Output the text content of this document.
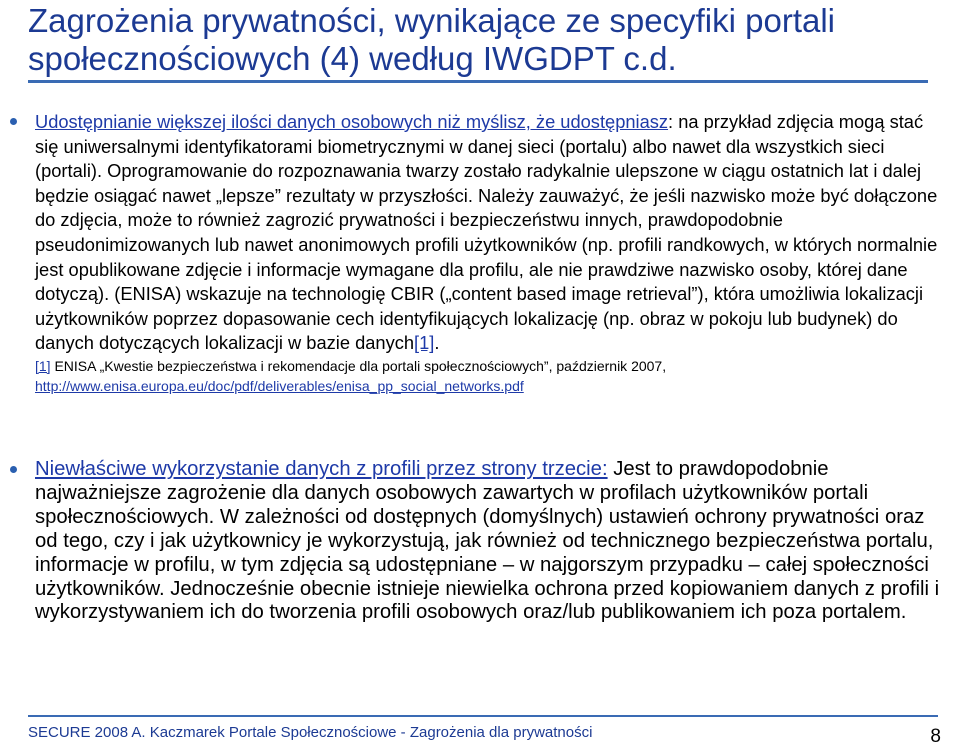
Zagrożenia prywatności, wynikające ze specyfiki portali społecznościowych (4) według IWGDPT c.d.
Udostępnianie większej ilości danych osobowych niż myślisz, że udostępniasz: na przykład zdjęcia mogą stać się uniwersalnymi identyfikatorami biometrycznymi w danej sieci (portalu) albo nawet dla wszystkich sieci (portali). Oprogramowanie do rozpoznawania twarzy zostało radykalnie ulepszone w ciągu ostatnich lat i dalej będzie osiągać nawet „lepsze” rezultaty w przyszłości. Należy zauważyć, że jeśli nazwisko może być dołączone do zdjęcia, może to również zagrozić prywatności i bezpieczeństwu innych, prawdopodobnie pseudonimizowanych lub nawet anonimowych profili użytkowników (np. profili randkowych, w których normalnie jest opublikowane zdjęcie i informacje wymagane dla profilu, ale nie prawdziwe nazwisko osoby, której dane dotyczą). (ENISA) wskazuje na technologię CBIR („content based image retrieval”), która umożliwia lokalizacji użytkowników poprzez dopasowanie cech identyfikujących lokalizację (np. obraz w pokoju lub budynek) do danych dotyczących lokalizacji w bazie danych[1].
[1] ENISA „Kwestie bezpieczeństwa i rekomendacje dla portali społecznościowych”, październik 2007,
http://www.enisa.europa.eu/doc/pdf/deliverables/enisa_pp_social_networks.pdf
Niewłaściwe wykorzystanie danych z profili przez strony trzecie: Jest to prawdopodobnie najważniejsze zagrożenie dla danych osobowych zawartych w profilach użytkowników portali społecznościowych. W zależności od dostępnych (domyślnych) ustawień ochrony prywatności oraz od tego, czy i jak użytkownicy je wykorzystują, jak również od technicznego bezpieczeństwa portalu, informacje w profilu, w tym zdjęcia są udostępniane – w najgorszym przypadku – całej społeczności użytkowników. Jednocześnie obecnie istnieje niewielka ochrona przed kopiowaniem danych z profili i wykorzystywaniem ich do tworzenia profili osobowych oraz/lub publikowaniem ich poza portalem.
SECURE 2008 A. Kaczmarek Portale Społecznościowe - Zagrożenia dla prywatności	8
